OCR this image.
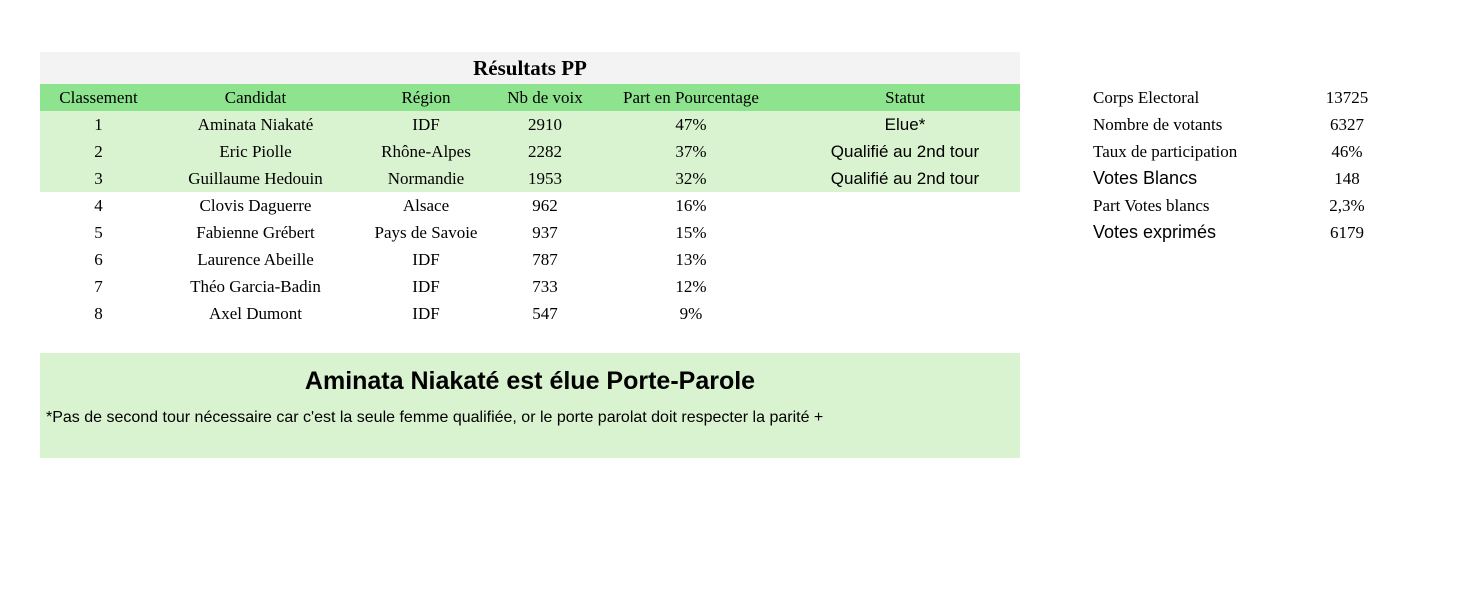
Résultats PP
Classement	Candidat	Région	Nb de voix	Part en Pourcentage	Statut
1	Aminata Niakaté	IDF	2910	47%	Elue*
2	Eric Piolle	Rhône-Alpes	2282	37%	Qualifié au 2nd tour
3	Guillaume Hedouin	Normandie	1953	32%	Qualifié au 2nd tour
4	Clovis Daguerre	Alsace	962	16%
5	Fabienne Grébert	Pays de Savoie	937	15%
6	Laurence Abeille	IDF	787	13%
7	Théo Garcia-Badin	IDF	733	12%
8	Axel Dumont	IDF	547	9%
Aminata Niakaté est élue Porte-Parole
*Pas de second tour nécessaire car c'est la seule femme qualifiée, or le porte parolat doit respecter la parité +
Corps Electoral	13725
Nombre de votants	6327
Taux de participation	46%
Votes Blancs	148
Part Votes blancs	2,3%
Votes exprimés	6179
